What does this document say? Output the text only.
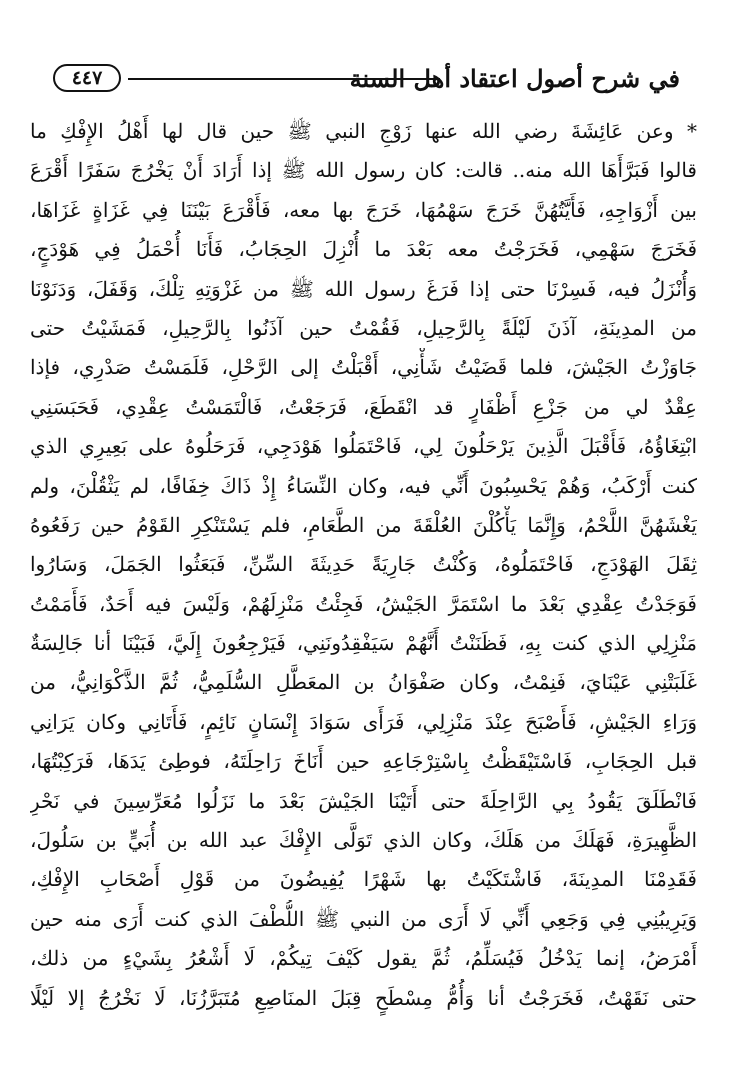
في شرح أصول اعتقاد أهل السنة
٤٤٧
* وعن عَائِشَةَ رضي الله عنها زَوْجِ النبي ﷺ حين قال لها أَهْلُ الإِفْكِ ما
قالوا فَبَرَّأَهَا الله منه.. قالت: كان رسول الله ﷺ إذا أَرَادَ أَنْ يَخْرُجَ سَفَرًا أَقْرَعَ
بين أَزْوَاجِهِ، فَأَيَّتُهُنَّ خَرَجَ سَهْمُهَا، خَرَجَ بها معه، فَأَقْرَعَ بَيْنَنَا فِي غَزَاةٍ غَزَاهَا،
فَخَرَجَ سَهْمِي، فَخَرَجْتُ معه بَعْدَ ما أُنْزِلَ الحِجَابُ، فَأَنَا أُحْمَلُ فِي هَوْدَجٍ،
وَأُنْزَلُ فيه، فَسِرْنَا حتى إذا فَرَغَ رسول الله ﷺ من غَزْوَتِهِ تِلْكَ، وَقَفَلَ، وَدَنَوْنَا
من المدِينَةِ، آذَنَ لَيْلَةً بِالرَّحِيلِ، فَقُمْتُ حين آذَنُوا بِالرَّحِيلِ، فَمَشَيْتُ حتى
جَاوَزْتُ الجَيْشَ، فلما قَضَيْتُ شَأْنِي، أَقْبَلْتُ إلى الرَّحْلِ، فَلَمَسْتُ صَدْرِي، فإذا
عِقْدٌ لي من جَزْعِ أَظْفَارٍ قد انْقَطَعَ، فَرَجَعْتُ، فَالْتَمَسْتُ عِقْدِي، فَحَبَسَنِي
ابْتِغَاؤُهُ، فَأَقْبَلَ الَّذِينَ يَرْحَلُونَ لِي، فَاحْتَمَلُوا هَوْدَجِي، فَرَحَلُوهُ على بَعِيرِي الذي
كنت أَرْكَبُ، وَهُمْ يَحْسِبُونَ أَنِّي فيه، وكان النِّسَاءُ إِذْ ذَاكَ خِفَافًا، لم يَثْقُلْنَ، ولم
يَغْشَهُنَّ اللَّحْمُ، وَإِنَّمَا يَأْكُلْنَ العُلْقَةَ من الطَّعَامِ، فلم يَسْتَنْكِرِ القَوْمُ حين رَفَعُوهُ
ثِقَلَ الهَوْدَجِ، فَاحْتَمَلُوهُ، وَكُنْتُ جَارِيَةً حَدِيثَةَ السِّنِّ، فَبَعَثُوا الجَمَلَ، وَسَارُوا
فَوَجَدْتُ عِقْدِي بَعْدَ ما اسْتَمَرَّ الجَيْشُ، فَجِئْتُ مَنْزِلَهُمْ، وَلَيْسَ فيه أَحَدٌ، فَأَمَمْتُ
مَنْزِلِي الذي كنت بِهِ، فَظَنَنْتُ أَنَّهُمْ سَيَفْقِدُونَنِي، فَيَرْجِعُونَ إِلَيَّ، فَبَيْنَا أنا جَالِسَةٌ
غَلَبَتْنِي عَيْنَايَ، فَنِمْتُ، وكان صَفْوَانُ بن المعَطَّلِ السُّلَمِيُّ، ثُمَّ الذَّكْوَانِيُّ، من
وَرَاءِ الجَيْشِ، فَأَصْبَحَ عِنْدَ مَنْزِلِي، فَرَأَى سَوَادَ إِنْسَانٍ نَائِمٍ، فَأَتَانِي وكان يَرَانِي
قبل الحِجَابِ، فَاسْتَيْقَظْتُ بِاسْتِرْجَاعِهِ حين أَنَاخَ رَاحِلَتَهُ، فوطِئ يَدَهَا، فَرَكِبْتُهَا،
فَانْطَلَقَ يَقُودُ بِي الرَّاحِلَةَ حتى أَتَيْنَا الجَيْشَ بَعْدَ ما نَزَلُوا مُعَرِّسِينَ في نَحْرِ
الظَّهِيرَةِ، فَهَلَكَ من هَلَكَ، وكان الذي تَوَلَّى الإِفْكَ عبد الله بن أُبَيٍّ بن سَلُولَ،
فَقَدِمْنَا المدِينَةَ، فَاشْتَكَيْتُ بها شَهْرًا يُفِيضُونَ من قَوْلِ أَصْحَابِ الإِفْكِ،
وَيَرِيبُنِي فِي وَجَعِي أَنِّي لَا أَرَى من النبي ﷺ اللُّطْفَ الذي كنت أَرَى منه حين
أَمْرَضُ، إنما يَدْخُلُ فَيُسَلِّمُ، ثُمَّ يقول كَيْفَ تِيكُمْ، لَا أَشْعُرُ بِشَيْءٍ من ذلك،
حتى نَقَهْتُ، فَخَرَجْتُ أنا وَأُمُّ مِسْطَحٍ قِبَلَ المنَاصِعِ مُتَبَرَّزُنَا، لَا نَخْرُجُ إلا لَيْلًا
